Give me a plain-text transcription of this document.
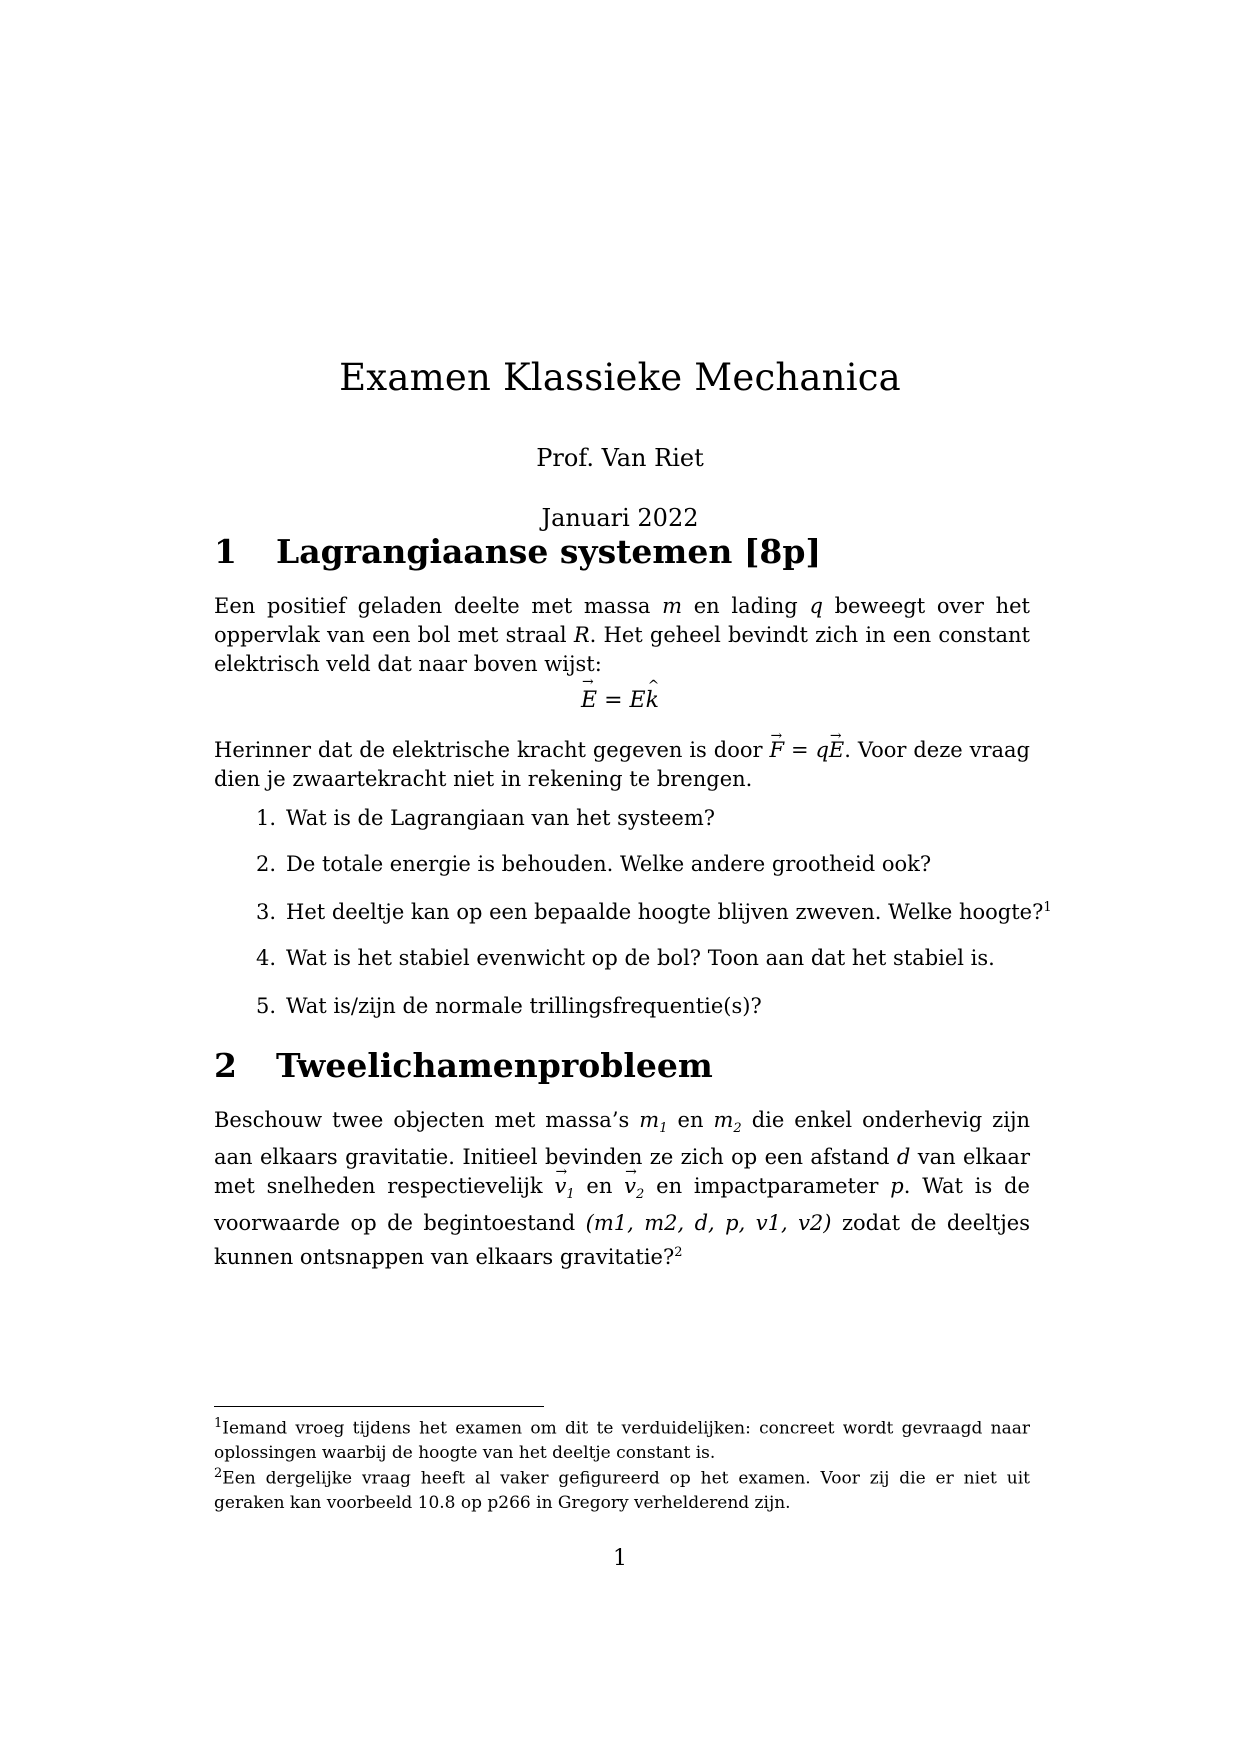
Examen Klassieke Mechanica
Prof. Van Riet
Januari 2022
1 Lagrangiaanse systemen [8p]

Een positief geladen deelte met massa m en lading q beweegt over het oppervlak van een bol met straal R. Het geheel bevindt zich in een constant elektrisch veld dat naar boven wijst:

→ E = E^ k

Herinner dat de elektrische kracht gegeven is door → F = q→ E. Voor deze vraag dien je zwaartekracht niet in rekening te brengen.

1. Wat is de Lagrangiaan van het systeem?
2. De totale energie is behouden. Welke andere grootheid ook?
3. Het deeltje kan op een bepaalde hoogte blijven zweven. Welke hoogte?$^1$
4. Wat is het stabiel evenwicht op de bol? Toon aan dat het stabiel is.
5. Wat is/zijn de normale trillingsfrequentie(s)?
2 Tweelichamenprobleem

Beschouw twee objecten met massa’s $m_1$ en $m_2$ die enkel onderhevig zijn aan elkaars gravitatie. Initieel bevinden ze zich op een afstand d van elkaar met snelheden respectievelijk → $v_1$ en → $v_2$ en impactparameter p. Wat is de voorwaarde op de begintoestand (m1, m2, d, p, v1, v2) zodat de deeltjes kunnen ontsnappen van elkaars gravitatie?$^2$

$^1$Iemand vroeg tijdens het examen om dit te verduidelijken: concreet wordt gevraagd naar oplossingen waarbij de hoogte van het deeltje constant is.

$^2$Een dergelijke vraag heeft al vaker gefigureerd op het examen. Voor zij die er niet uit geraken kan voorbeeld 10.8 op p266 in Gregory verhelderend zijn.

1
